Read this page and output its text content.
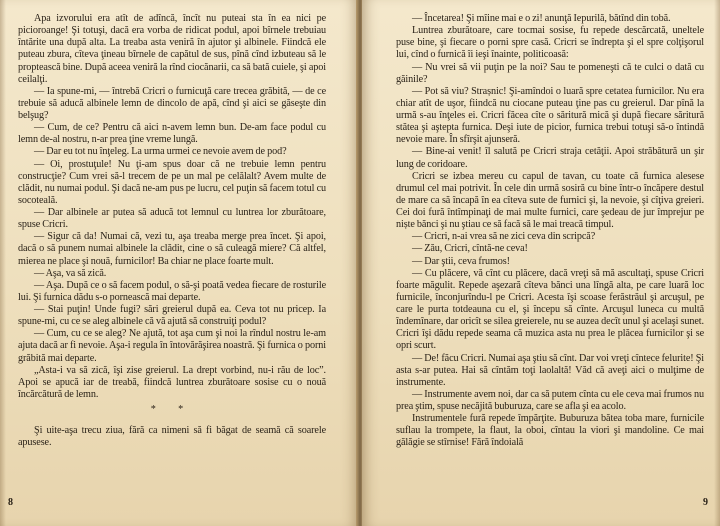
Apa izvorului era atît de adîncă, încît nu puteai sta în ea nici pe picioroange! Şi totuşi, dacă era vorba de ridicat podul, apoi bîrnele trebuiau întărite una după alta. La treaba asta veniră în ajutor şi albinele. Fiindcă ele puteau zbura, cîteva ţineau bîrnele de capătul de sus, pînă cînd izbuteau să le proptească bine. După aceea veniră la rînd ciocănarii, ca să bată cuiele, şi apoi ceilalţi.

— Ia spune-mi, — întrebă Cricri o furnicuţă care trecea grăbită, — de ce trebuie să aducă albinele lemn de dincolo de apă, cînd şi aici se găseşte din belşug?

— Cum, de ce? Pentru că aici n-avem lemn bun. De-am face podul cu lemn de-al nostru, n-ar prea ţine vreme lungă.

— Dar eu tot nu înţeleg. La urma urmei ce nevoie avem de pod?

— Oi, prostuţule! Nu ţi-am spus doar că ne trebuie lemn pentru construcţie? Cum vrei să-l trecem de pe un mal pe celălalt? Avem multe de clădit, nu numai podul. Şi dacă ne-am pus pe lucru, cel puţin să facem totul cu socoteală.

— Dar albinele ar putea să aducă tot lemnul cu luntrea lor zburătoare, spuse Cricri.

— Sigur că da! Numai că, vezi tu, aşa treaba merge prea încet. Şi apoi, dacă o să punem numai albinele la clădit, cine o să culeagă miere? Că altfel, mierea ne place şi nouă, furnicilor! Ba chiar ne place foarte mult.

— Aşa, va să zică.

— Aşa. După ce o să facem podul, o să-şi poată vedea fiecare de rosturile lui. Şi furnica dădu s-o pornească mai departe.

— Stai puţin! Unde fugi? sări greierul după ea. Ceva tot nu pricep. Ia spune-mi, cu ce se aleg albinele că vă ajută să construiţi podul?

— Cum, cu ce se aleg? Ne ajută, tot aşa cum şi noi la rîndul nostru le-am ajuta dacă ar fi nevoie. Aşa-i regula în întovărăşirea noastră. Şi furnica o porni grăbită mai departe.

„Asta-i va să zică, îşi zise greierul. La drept vorbind, nu-i rău de loc”. Apoi se apucă iar de treabă, fiindcă luntrea zburătoare sosise cu o nouă încărcătură de lemn.

* *

Şi uite-aşa trecu ziua, fără ca nimeni să fi băgat de seamă că soarele apusese.

8

— Încetarea! Şi mîine mai e o zi! anunţă Iepurilă, bătînd din tobă.

Luntrea zburătoare, care tocmai sosise, fu repede descărcată, uneltele puse bine, şi fiecare o porni spre casă. Cricri se îndrepta şi el spre colţişorul lui, cînd o furnică îi ieşi înainte, politicoasă:

— Nu vrei să vii puţin pe la noi? Sau te pomeneşti că te culci o dată cu găinile?

— Pot să viu? Strașnic! Şi-amîndoi o luară spre cetatea furnicilor. Nu era chiar atît de uşor, fiindcă nu ciocane puteau ţine pas cu greierul. Dar pînă la urmă s-au înţeles ei. Cricri făcea cîte o săritură mică şi după fiecare săritură stătea şi aştepta furnica. Deşi iute de picior, furnica trebui totuşi să-o întindă nevoie mare. În sfîrşit ajunseră.

— Bine-ai venit! îl salută pe Cricri straja cetăţii. Apoi străbătură un şir lung de coridoare.

Cricri se izbea mereu cu capul de tavan, cu toate că furnica alesese drumul cel mai potrivit. În cele din urmă sosiră cu bine într-o încăpere destul de mare ca să încapă în ea cîteva sute de furnici şi, la nevoie, şi cîţiva greieri. Cei doi fură întîmpinaţi de mai multe furnici, care şedeau de jur împrejur pe niște bănci şi nu ştiau ce să facă să le mai treacă timpul.

— Cricri, n-ai vrea să ne zici ceva din scripcă?

— Zău, Cricri, cîntă-ne ceva!

— Dar ştii, ceva frumos!

— Cu plăcere, vă cînt cu plăcere, dacă vreţi să mă ascultaţi, spuse Cricri foarte măgulit. Repede aşezară cîteva bănci una lîngă alta, pe care luară loc furnicile, înconjurîndu-l pe Cricri. Acesta îşi scoase ferăstrăul şi arcuşul, pe care le purta totdeauna cu el, şi începu să cînte. Arcuşul luneca cu multă îndemînare, dar oricît se silea greierele, nu se auzea decît unul şi acelaşi sunet. Cricri îşi dădu repede seama că muzica asta nu prea le plăcea furnicilor şi se opri scurt.

— De! făcu Cricri. Numai aşa ştiu să cînt. Dar voi vreţi cîntece felurite! Şi asta s-ar putea. Hai să cîntăm toţi laolaltă! Văd că aveţi aici o mulţime de instrumente.

— Instrumente avem noi, dar ca să putem cînta cu ele ceva mai frumos nu prea ştim, spuse necăjită buburuza, care se afla şi ea acolo.

Instrumentele fură repede împărţite. Buburuza bătea toba mare, furnicile suflau la trompete, la flaut, la oboi, cîntau la viori şi mandoline. Ce mai gălăgie se stîrnise! Fără îndoială

9
